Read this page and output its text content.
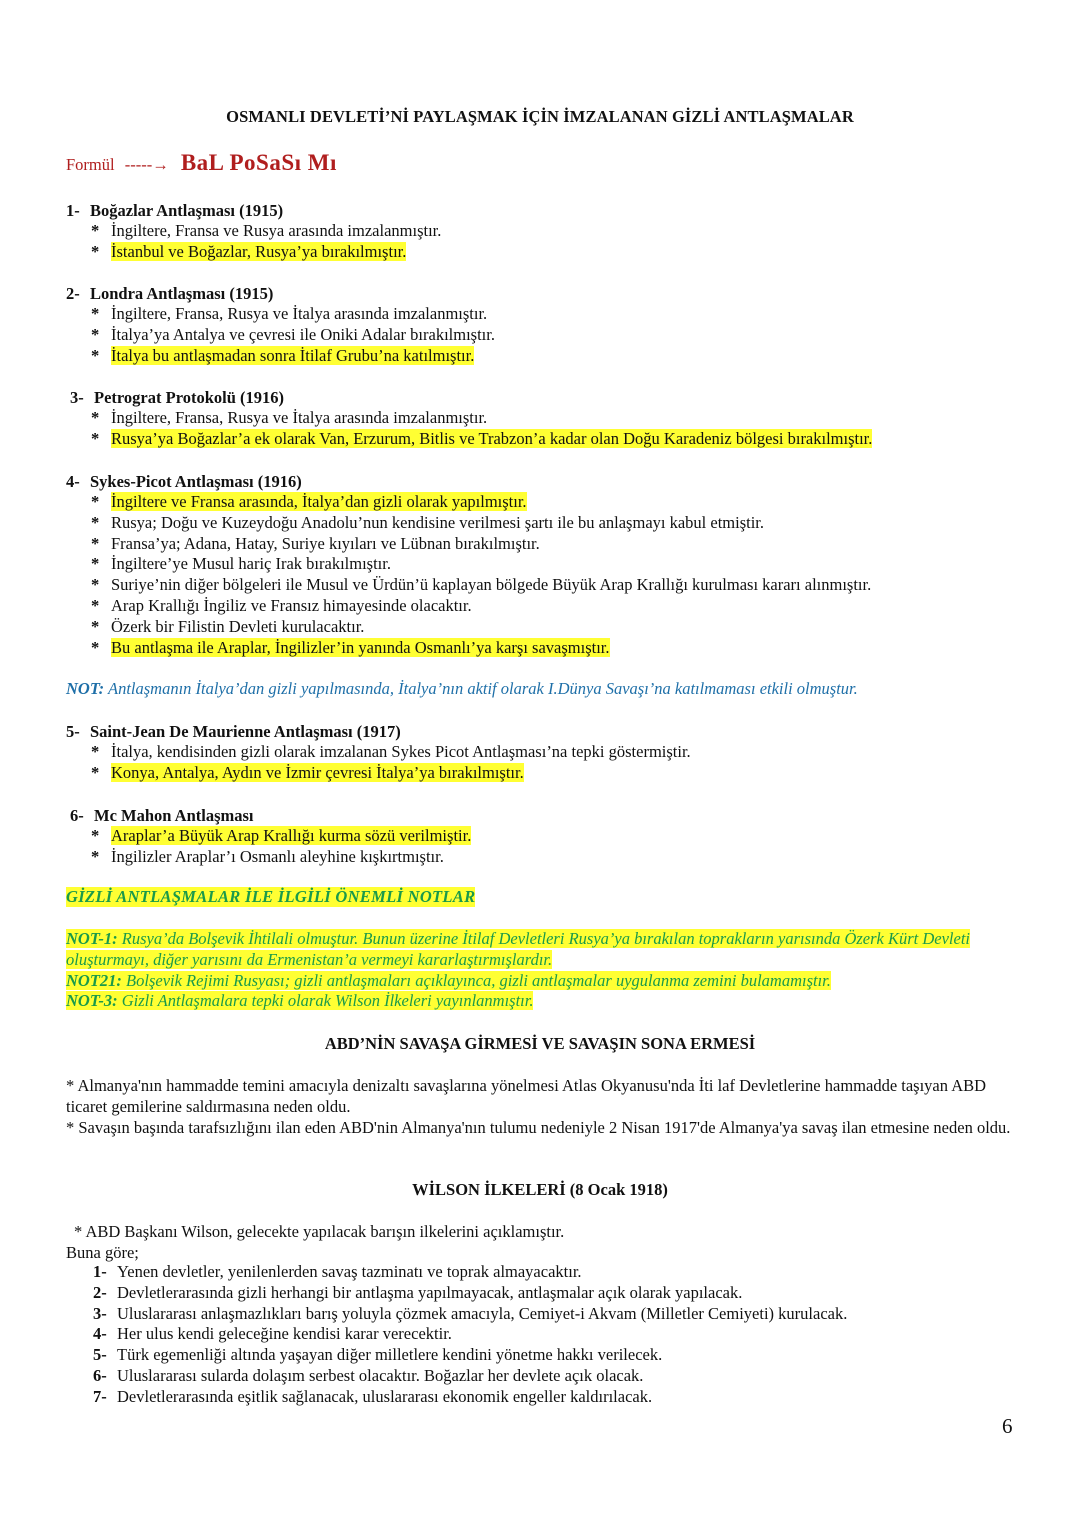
OSMANLI DEVLETİ’Nİ PAYLAŞMAK İÇİN İMZALANAN GİZLİ ANTLAŞMALAR
Formül -----→ BaL PoSaSı Mı
1- Boğazlar Antlaşması (1915)
* İngiltere, Fransa ve Rusya arasında imzalanmıştır.
* İstanbul ve Boğazlar, Rusya’ya bırakılmıştır.
2- Londra Antlaşması (1915)
* İngiltere, Fransa, Rusya ve İtalya arasında imzalanmıştır.
* İtalya’ya Antalya ve çevresi ile Oniki Adalar bırakılmıştır.
* İtalya bu antlaşmadan sonra İtilaf Grubu’na katılmıştır.
3- Petrograt Protokolü (1916)
* İngiltere, Fransa, Rusya ve İtalya arasında imzalanmıştır.
* Rusya’ya Boğazlar’a ek olarak Van, Erzurum, Bitlis ve Trabzon’a kadar olan Doğu Karadeniz bölgesi bırakılmıştır.
4- Sykes-Picot Antlaşması (1916)
* İngiltere ve Fransa arasında, İtalya’dan gizli olarak yapılmıştır.
* Rusya; Doğu ve Kuzeydoğu Anadolu’nun kendisine verilmesi şartı ile bu anlaşmayı kabul etmiştir.
* Fransa’ya; Adana, Hatay, Suriye kıyıları ve Lübnan bırakılmıştır.
* İngiltere’ye Musul hariç Irak bırakılmıştır.
* Suriye’nin diğer bölgeleri ile Musul ve Ürdün’ü kaplayan bölgede Büyük Arap Krallığı kurulması kararı alınmıştır.
* Arap Krallığı İngiliz ve Fransız himayesinde olacaktır.
* Özerk bir Filistin Devleti kurulacaktır.
* Bu antlaşma ile Araplar, İngilizler’in yanında Osmanlı’ya karşı savaşmıştır.
NOT: Antlaşmanın İtalya’dan gizli yapılmasında, İtalya’nın aktif olarak I.Dünya Savaşı’na katılmaması etkili olmuştur.
5- Saint-Jean De Maurienne Antlaşması (1917)
* İtalya, kendisinden gizli olarak imzalanan Sykes Picot Antlaşması’na tepki göstermiştir.
* Konya, Antalya, Aydın ve İzmir çevresi İtalya’ya bırakılmıştır.
6- Mc Mahon Antlaşması
* Araplar’a Büyük Arap Krallığı kurma sözü verilmiştir.
* İngilizler Araplar’ı Osmanlı aleyhine kışkırtmıştır.
GİZLİ ANTLAŞMALAR İLE İLGİLİ ÖNEMLİ NOTLAR
NOT-1: Rusya’da Bolşevik İhtilali olmuştur. Bunun üzerine İtilaf Devletleri Rusya’ya bırakılan toprakların yarısında Özerk Kürt Devleti oluşturmayı, diğer yarısını da Ermenistan’a vermeyi kararlaştırmışlardır.
NOT21: Bolşevik Rejimi Rusyası; gizli antlaşmaları açıklayınca, gizli antlaşmalar uygulanma zemini bulamamıştır.
NOT-3: Gizli Antlaşmalara tepki olarak Wilson İlkeleri yayınlanmıştır.
ABD’NİN SAVAŞA GİRMESİ VE SAVAŞIN SONA ERMESİ

* Almanya'nın hammadde temini amacıyla denizaltı savaşlarına yönelmesi Atlas Okyanusu'nda İti laf Devletlerine hammadde taşıyan ABD ticaret gemilerine saldırmasına neden oldu.

* Savaşın başında tarafsızlığını ilan eden ABD'nin Almanya'nın tulumu nedeniyle 2 Nisan 1917'de Almanya'ya savaş ilan etmesine neden oldu.

WİLSON İLKELERİ (8 Ocak 1918)

* ABD Başkanı Wilson, gelecekte yapılacak barışın ilkelerini açıklamıştır.

Buna göre;

1- Yenen devletler, yenilenlerden savaş tazminatı ve toprak almayacaktır.
2- Devletlerarasında gizli herhangi bir antlaşma yapılmayacak, antlaşmalar açık olarak yapılacak.
3- Uluslararası anlaşmazlıkları barış yoluyla çözmek amacıyla, Cemiyet-i Akvam (Milletler Cemiyeti) kurulacak.
4- Her ulus kendi geleceğine kendisi karar verecektir.
5- Türk egemenliği altında yaşayan diğer milletlere kendini yönetme hakkı verilecek.
6- Uluslararası sularda dolaşım serbest olacaktır. Boğazlar her devlete açık olacak.
7- Devletlerarasında eşitlik sağlanacak, uluslararası ekonomik engeller kaldırılacak.
6
